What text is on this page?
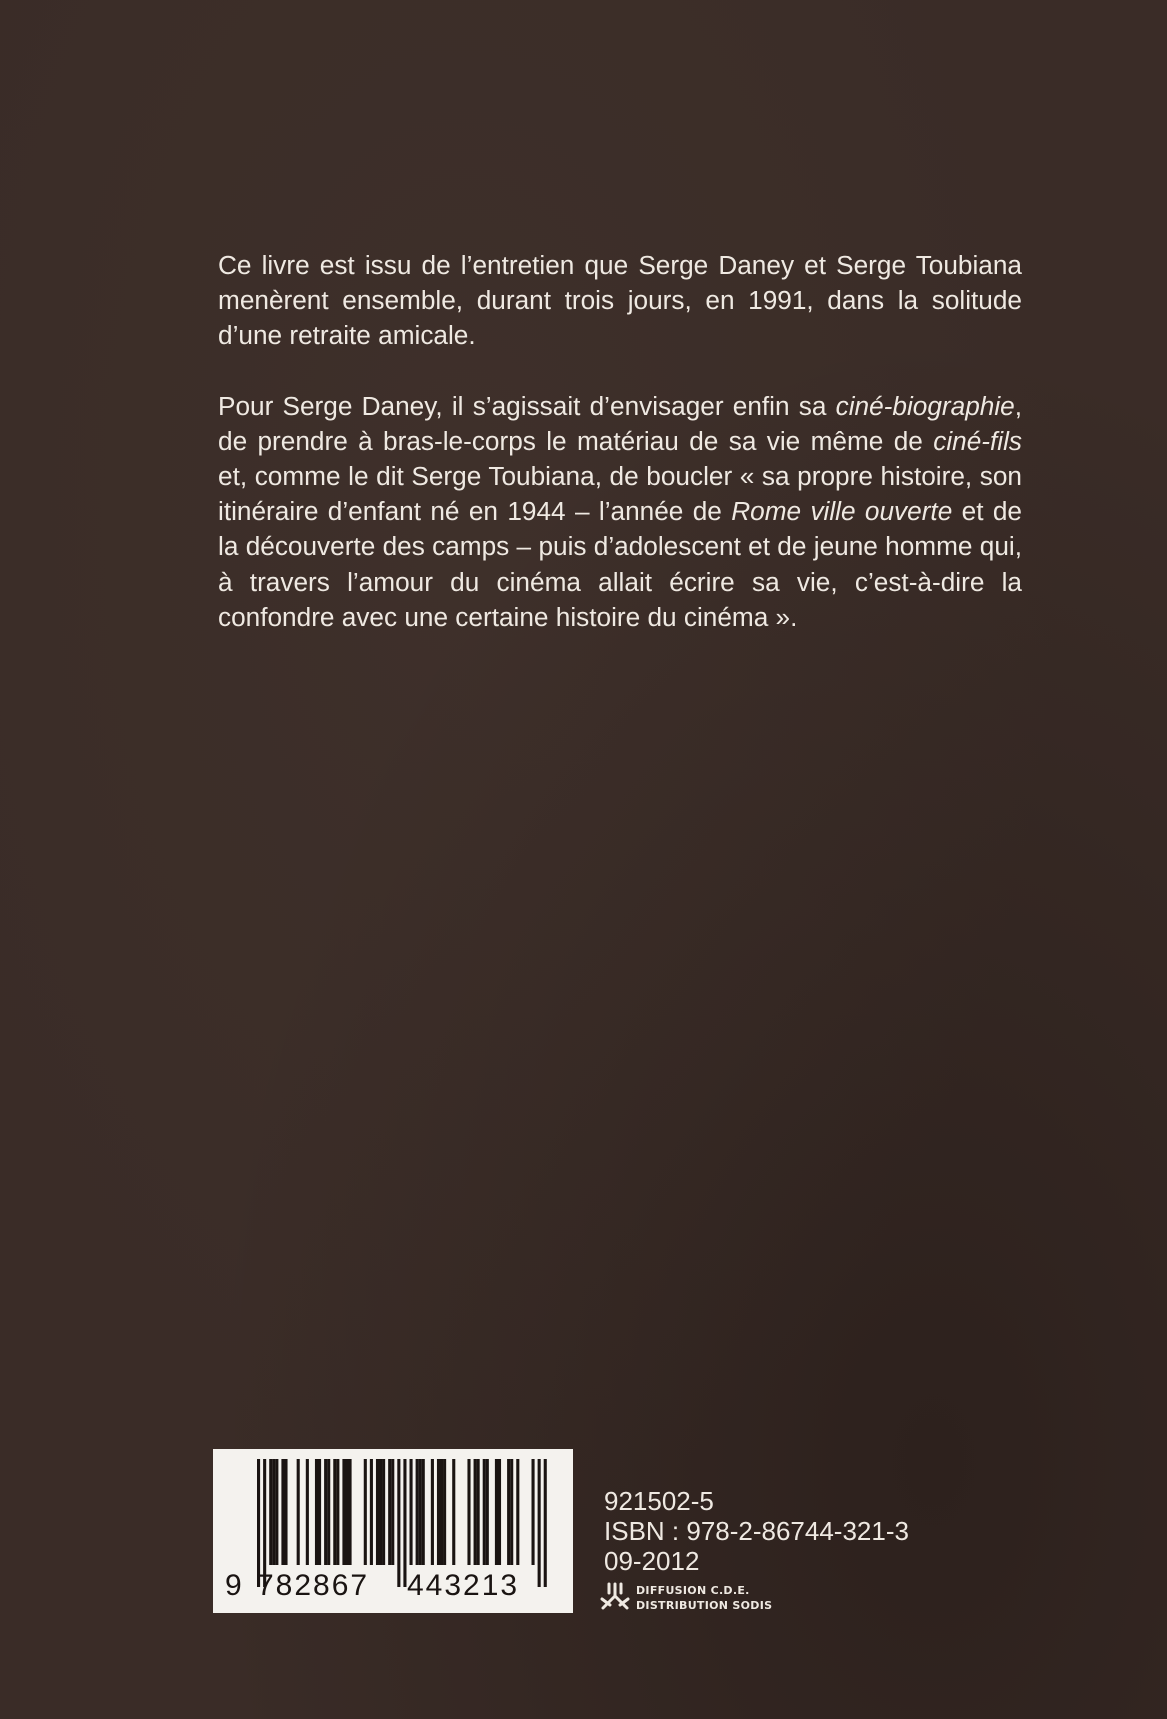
Ce livre est issu de l’entretien que Serge Daney et Serge Toubiana menèrent ensemble, durant trois jours, en 1991, dans la solitude d’une retraite amicale.

Pour Serge Daney, il s’agissait d’envisager enfin sa ciné-biographie, de prendre à bras-le-corps le matériau de sa vie même de ciné-fils et, comme le dit Serge Toubiana, de boucler « sa propre histoire, son itinéraire d’enfant né en 1944 – l’année de Rome ville ouverte et de la découverte des camps – puis d’adolescent et de jeune homme qui, à travers l’amour du cinéma allait écrire sa vie, c’est-à-dire la confondre avec une certaine histoire du cinéma ».

9 782867 443213
921502-5
ISBN : 978-2-86744-321-3
09-2012
DIFFUSION C.D.E.
DISTRIBUTION SODIS
